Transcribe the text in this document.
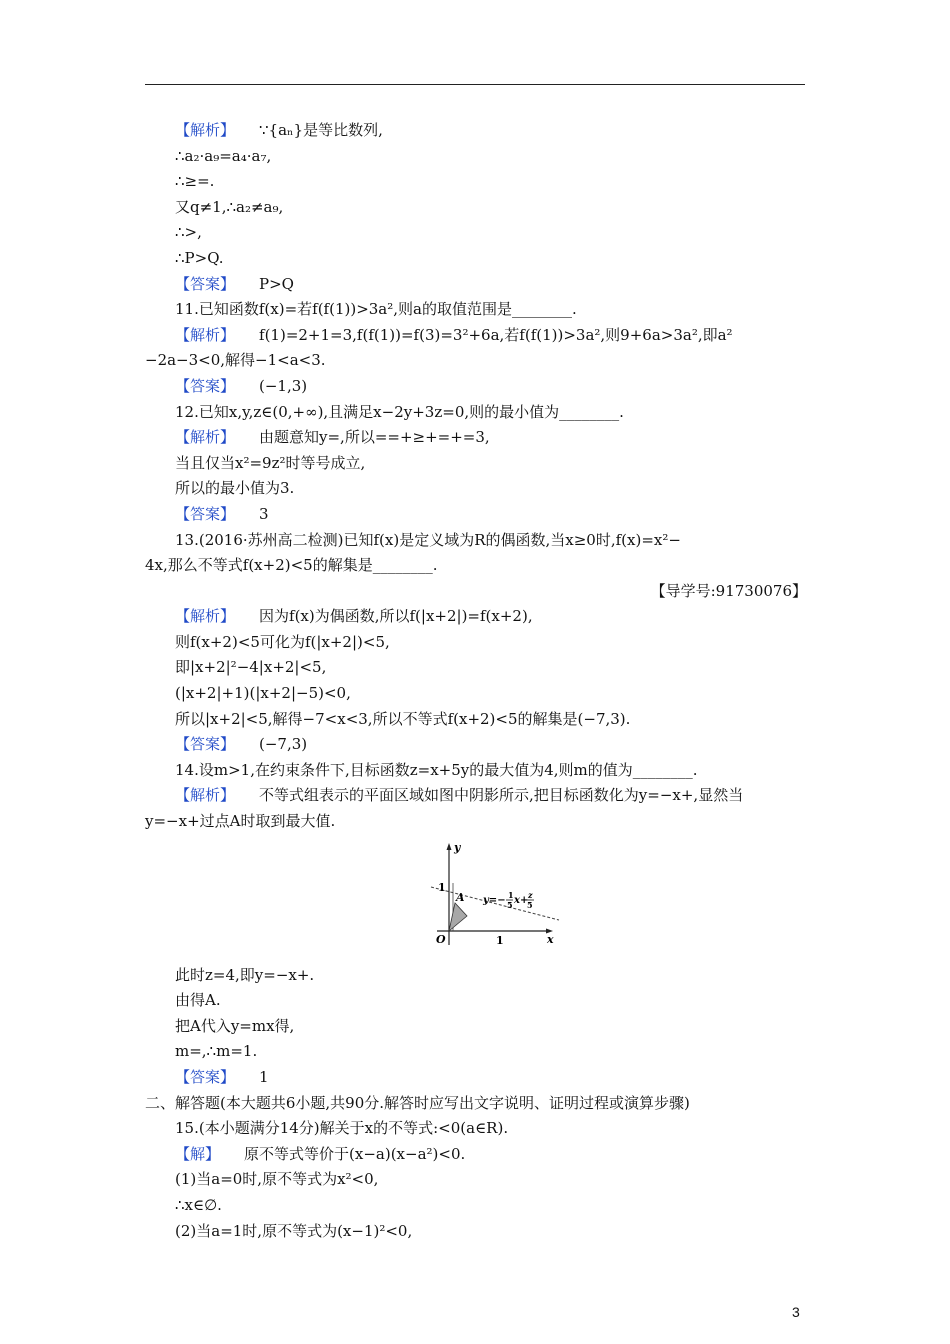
【解析】 ∵{aₙ}是等比数列,
∴a₂·a₉=a₄·a₇,
∴≥=.
又q≠1,∴a₂≠a₉,
∴>,
∴P>Q.
【答案】 P>Q
11.已知函数f(x)=若f(f(1))>3a²,则a的取值范围是________.
【解析】 f(1)=2+1=3,f(f(1))=f(3)=3²+6a,若f(f(1))>3a²,则9+6a>3a²,即a²
−2a−3<0,解得−1<a<3.
【答案】 (−1,3)
12.已知x,y,z∈(0,+∞),且满足x−2y+3z=0,则的最小值为________.
【解析】 由题意知y=,所以==+≥+=+=3,
当且仅当x²=9z²时等号成立,
所以的最小值为3.
【答案】 3
13.(2016·苏州高二检测)已知f(x)是定义域为R的偶函数,当x≥0时,f(x)=x²−
4x,那么不等式f(x+2)<5的解集是________.
【导学号:91730076】
【解析】 因为f(x)为偶函数,所以f(|x+2|)=f(x+2),
则f(x+2)<5可化为f(|x+2|)<5,
即|x+2|²−4|x+2|<5,
(|x+2|+1)(|x+2|−5)<0,
所以|x+2|<5,解得−7<x<3,所以不等式f(x+2)<5的解集是(−7,3).
【答案】 (−7,3)
14.设m>1,在约束条件下,目标函数z=x+5y的最大值为4,则m的值为________.
【解析】 不等式组表示的平面区域如图中阴影所示,把目标函数化为y=−x+,显然当
y=−x+过点A时取到最大值.
y
x
O	1
1
A y=− 1
5 x+ z
5
此时z=4,即y=−x+.
由得A.
把A代入y=mx得,
m=,∴m=1.
【答案】 1
二、解答题(本大题共6小题,共90分.解答时应写出文字说明、证明过程或演算步骤)
15.(本小题满分14分)解关于x的不等式:<0(a∈R).
【解】 原不等式等价于(x−a)(x−a²)<0.
(1)当a=0时,原不等式为x²<0,
∴x∈∅.
(2)当a=1时,原不等式为(x−1)²<0,
3
